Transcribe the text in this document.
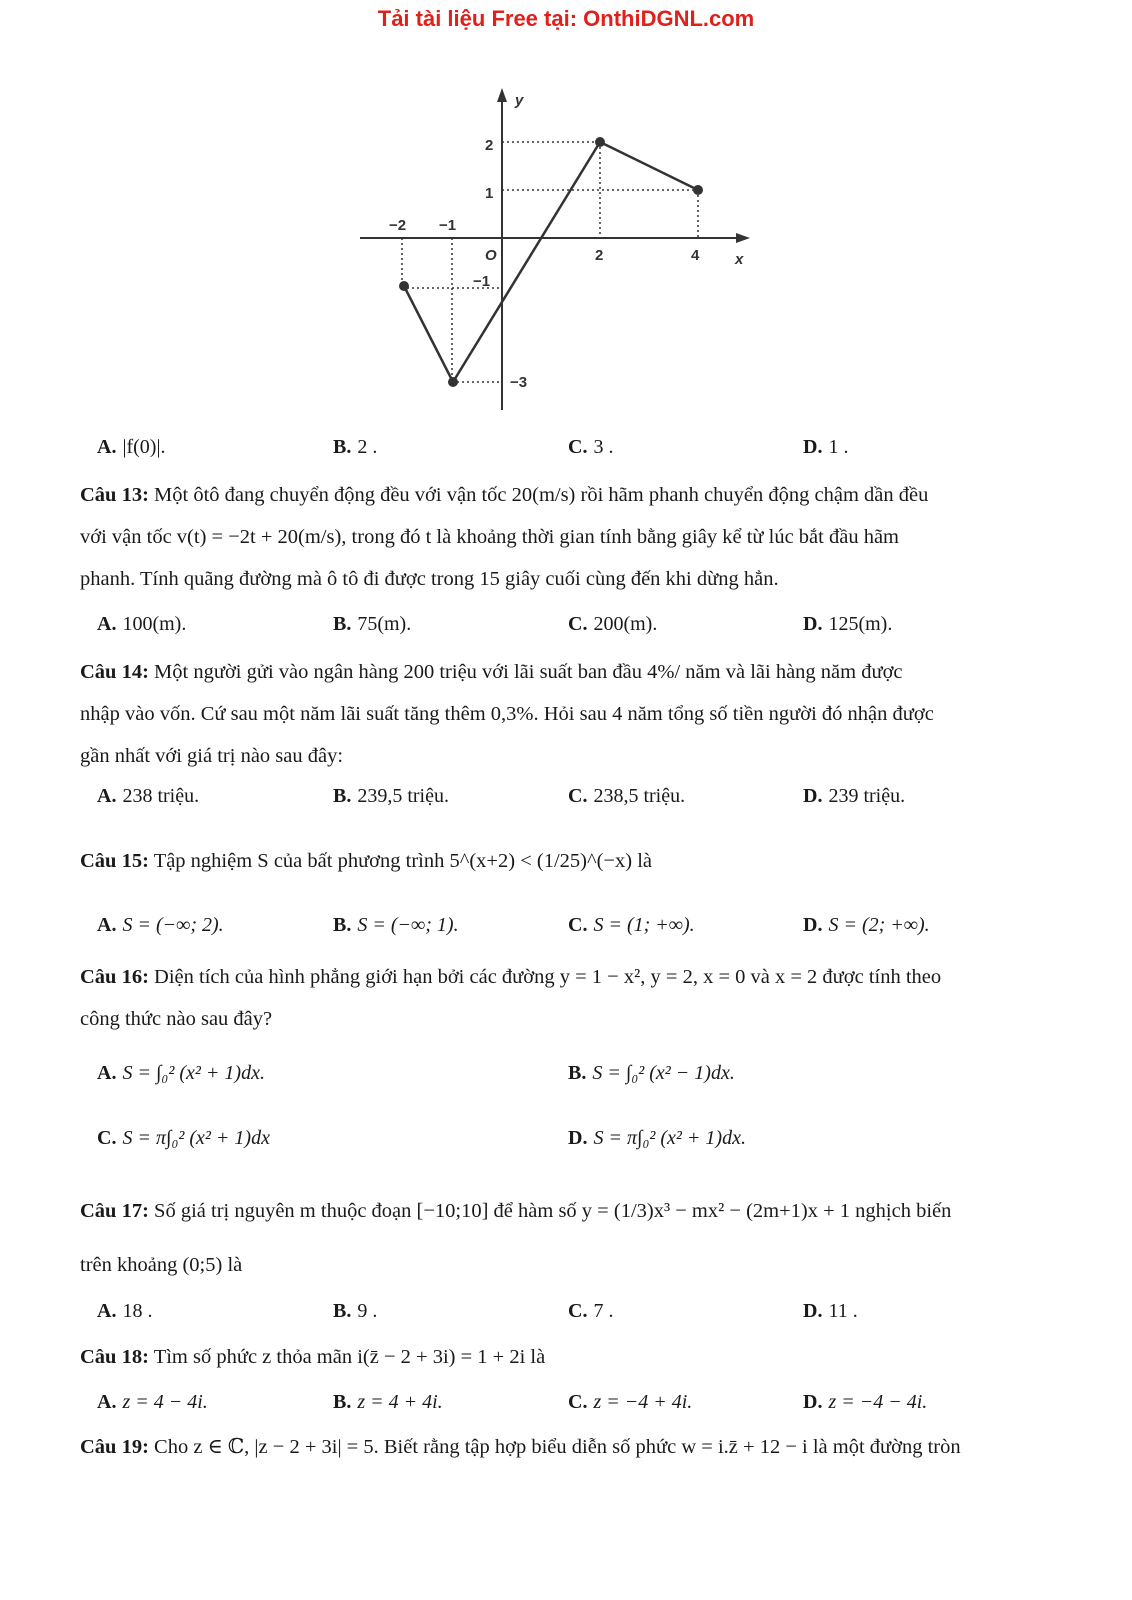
Tải tài liệu Free tại: OnthiDGNL.com
y
x
O
2
1
−2 −1
2	4
−1
−3
A. |f(0)|.	B. 2 .	C. 3 .	D. 1 .
Câu 13: Một ôtô đang chuyển động đều với vận tốc 20(m/s) rồi hãm phanh chuyển động chậm dần đều
với vận tốc v(t) = −2t + 20(m/s), trong đó t là khoảng thời gian tính bằng giây kể từ lúc bắt đầu hãm
phanh. Tính quãng đường mà ô tô đi được trong 15 giây cuối cùng đến khi dừng hẳn.
A. 100(m).	B. 75(m).	C. 200(m).	D. 125(m).
Câu 14: Một người gửi vào ngân hàng 200 triệu với lãi suất ban đầu 4%/ năm và lãi hàng năm được
nhập vào vốn. Cứ sau một năm lãi suất tăng thêm 0,3%. Hỏi sau 4 năm tổng số tiền người đó nhận được
gần nhất với giá trị nào sau đây:
A. 238 triệu.	B. 239,5 triệu.	C. 238,5 triệu.	D. 239 triệu.
Câu 15: Tập nghiệm S của bất phương trình 5^(x+2) < (1/25)^(−x) là
A. S = (−∞; 2).	B. S = (−∞; 1).	C. S = (1; +∞).	D. S = (2; +∞).
Câu 16: Diện tích của hình phẳng giới hạn bởi các đường y = 1 − x², y = 2, x = 0 và x = 2 được tính theo
công thức nào sau đây?
A. S = ∫₀² (x² + 1)dx.	B. S = ∫₀² (x² − 1)dx.
C. S = π∫₀² (x² + 1)dx	D. S = π∫₀² (x² + 1)dx.
Câu 17: Số giá trị nguyên m thuộc đoạn [−10;10] để hàm số y = (1/3)x³ − mx² − (2m+1)x + 1 nghịch biến
trên khoảng (0;5) là
A. 18 .	B. 9 .	C. 7 .	D. 11 .
Câu 18: Tìm số phức z thỏa mãn i(z̄ − 2 + 3i) = 1 + 2i là
A. z = 4 − 4i.	B. z = 4 + 4i.	C. z = −4 + 4i.	D. z = −4 − 4i.
Câu 19: Cho z ∈ ℂ, |z − 2 + 3i| = 5. Biết rằng tập hợp biểu diễn số phức w = i.z̄ + 12 − i là một đường tròn
